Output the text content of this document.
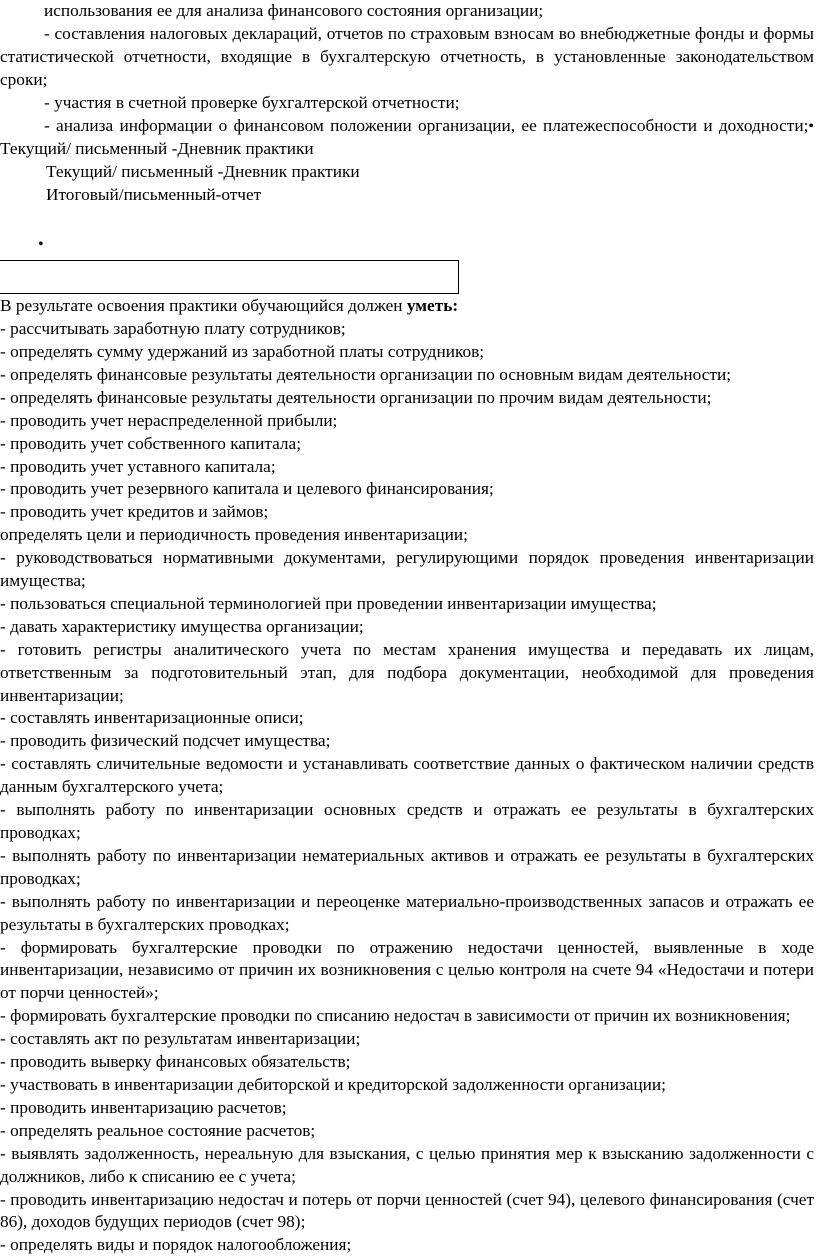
использования ее для анализа финансового состояния организации;

- составления налоговых деклараций, отчетов по страховым взносам во внебюджетные фонды и формы статистической отчетности, входящие в бухгалтерскую отчетность, в установленные законодательством сроки;

- участия в счетной проверке бухгалтерской отчетности;

- анализа информации о финансовом положении организации, ее платежеспособности и доходности;• Текущий/ письменный -Дневник практики

Текущий/ письменный -Дневник практики

Итоговый/письменный-отчет

•

В результате освоения практики обучающийся должен уметь:

- рассчитывать заработную плату сотрудников;

- определять сумму удержаний из заработной платы сотрудников;

- определять финансовые результаты деятельности организации по основным видам деятельности;

- определять финансовые результаты деятельности организации по прочим видам деятельности;

- проводить учет нераспределенной прибыли;

- проводить учет собственного капитала;

- проводить учет уставного капитала;

- проводить учет резервного капитала и целевого финансирования;

- проводить учет кредитов и займов;

определять цели и периодичность проведения инвентаризации;

- руководствоваться нормативными документами, регулирующими порядок проведения инвентаризации имущества;

- пользоваться специальной терминологией при проведении инвентаризации имущества;

- давать характеристику имущества организации;

- готовить регистры аналитического учета по местам хранения имущества и передавать их лицам, ответственным за подготовительный этап, для подбора документации, необходимой для проведения инвентаризации;

- составлять инвентаризационные описи;

- проводить физический подсчет имущества;

- составлять сличительные ведомости и устанавливать соответствие данных о фактическом наличии средств данным бухгалтерского учета;

- выполнять работу по инвентаризации основных средств и отражать ее результаты в бухгалтерских проводках;

- выполнять работу по инвентаризации нематериальных активов и отражать ее результаты в бухгалтерских проводках;

- выполнять работу по инвентаризации и переоценке материально-производственных запасов и отражать ее результаты в бухгалтерских проводках;

- формировать бухгалтерские проводки по отражению недостачи ценностей, выявленные в ходе инвентаризации, независимо от причин их возникновения с целью контроля на счете 94 «Недостачи и потери от порчи ценностей»;

- формировать бухгалтерские проводки по списанию недостач в зависимости от причин их возникновения;

- составлять акт по результатам инвентаризации;

- проводить выверку финансовых обязательств;

- участвовать в инвентаризации дебиторской и кредиторской задолженности организации;

- проводить инвентаризацию расчетов;

- определять реальное состояние расчетов;

- выявлять задолженность, нереальную для взыскания, с целью принятия мер к взысканию задолженности с должников, либо к списанию ее с учета;

- проводить инвентаризацию недостач и потерь от порчи ценностей (счет 94), целевого финансирования (счет 86), доходов будущих периодов (счет 98);

- определять виды и порядок налогообложения;
